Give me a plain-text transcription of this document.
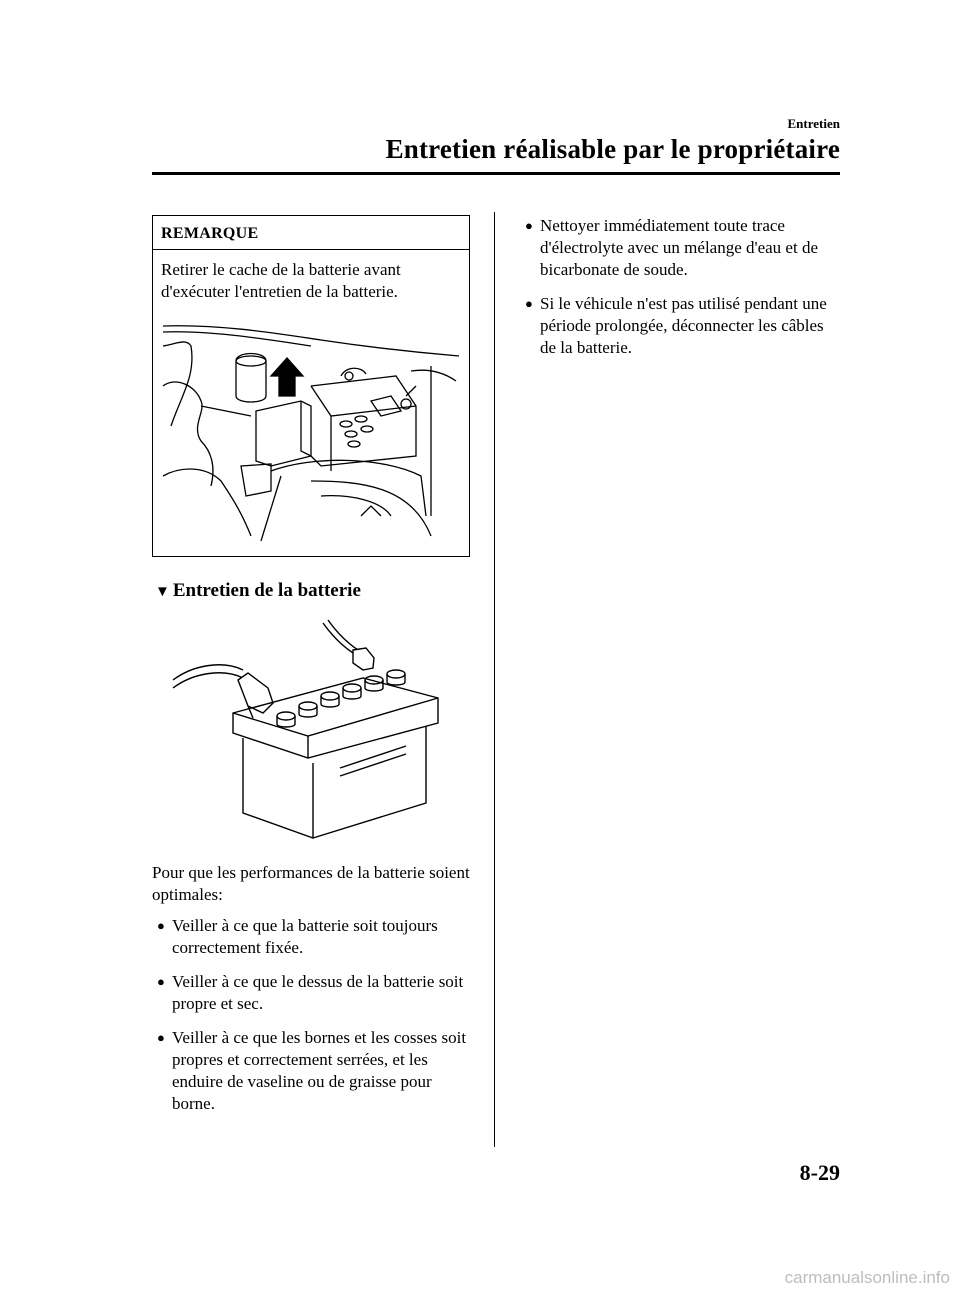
Entretien
Entretien réalisable par le propriétaire
REMARQUE
Retirer le cache de la batterie avant d'exécuter l'entretien de la batterie.
▼ Entretien de la batterie
Pour que les performances de la batterie soient optimales:
● Veiller à ce que la batterie soit toujours correctement fixée.
● Veiller à ce que le dessus de la batterie soit propre et sec.
● Veiller à ce que les bornes et les cosses soit propres et correctement serrées, et les enduire de vaseline ou de graisse pour borne.
● Nettoyer immédiatement toute trace d'électrolyte avec un mélange d'eau et de bicarbonate de soude.
● Si le véhicule n'est pas utilisé pendant une période prolongée, déconnecter les câbles de la batterie.
8-29
carmanualsonline.info
